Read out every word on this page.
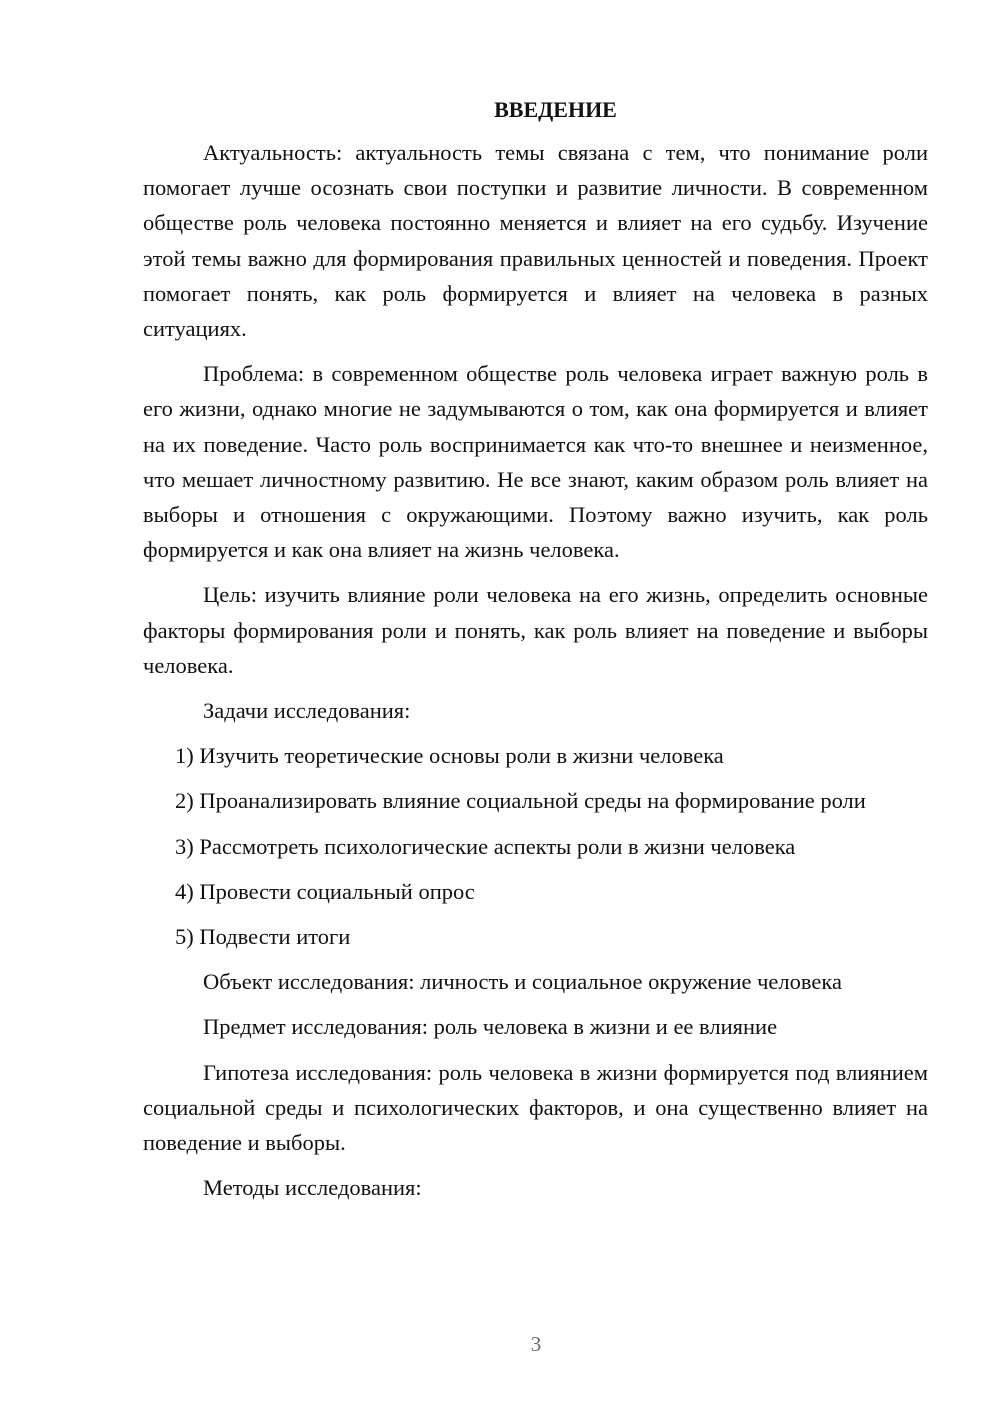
ВВЕДЕНИЕ

Актуальность: актуальность темы связана с тем, что понимание роли помогает лучше осознать свои поступки и развитие личности. В современном обществе роль человека постоянно меняется и влияет на его судьбу. Изучение этой темы важно для формирования правильных ценностей и поведения. Проект помогает понять, как роль формируется и влияет на человека в разных ситуациях.

Проблема: в современном обществе роль человека играет важную роль в его жизни, однако многие не задумываются о том, как она формируется и влияет на их поведение. Часто роль воспринимается как что-то внешнее и неизменное, что мешает личностному развитию. Не все знают, каким образом роль влияет на выборы и отношения с окружающими. Поэтому важно изучить, как роль формируется и как она влияет на жизнь человека.

Цель: изучить влияние роли человека на его жизнь, определить основные факторы формирования роли и понять, как роль влияет на поведение и выборы человека.

Задачи исследования:

1) Изучить теоретические основы роли в жизни человека

2) Проанализировать влияние социальной среды на формирование роли

3) Рассмотреть психологические аспекты роли в жизни человека

4) Провести социальный опрос

5) Подвести итоги

Объект исследования: личность и социальное окружение человека

Предмет исследования: роль человека в жизни и ее влияние

Гипотеза исследования: роль человека в жизни формируется под влиянием социальной среды и психологических факторов, и она существенно влияет на поведение и выборы.

Методы исследования:

3
